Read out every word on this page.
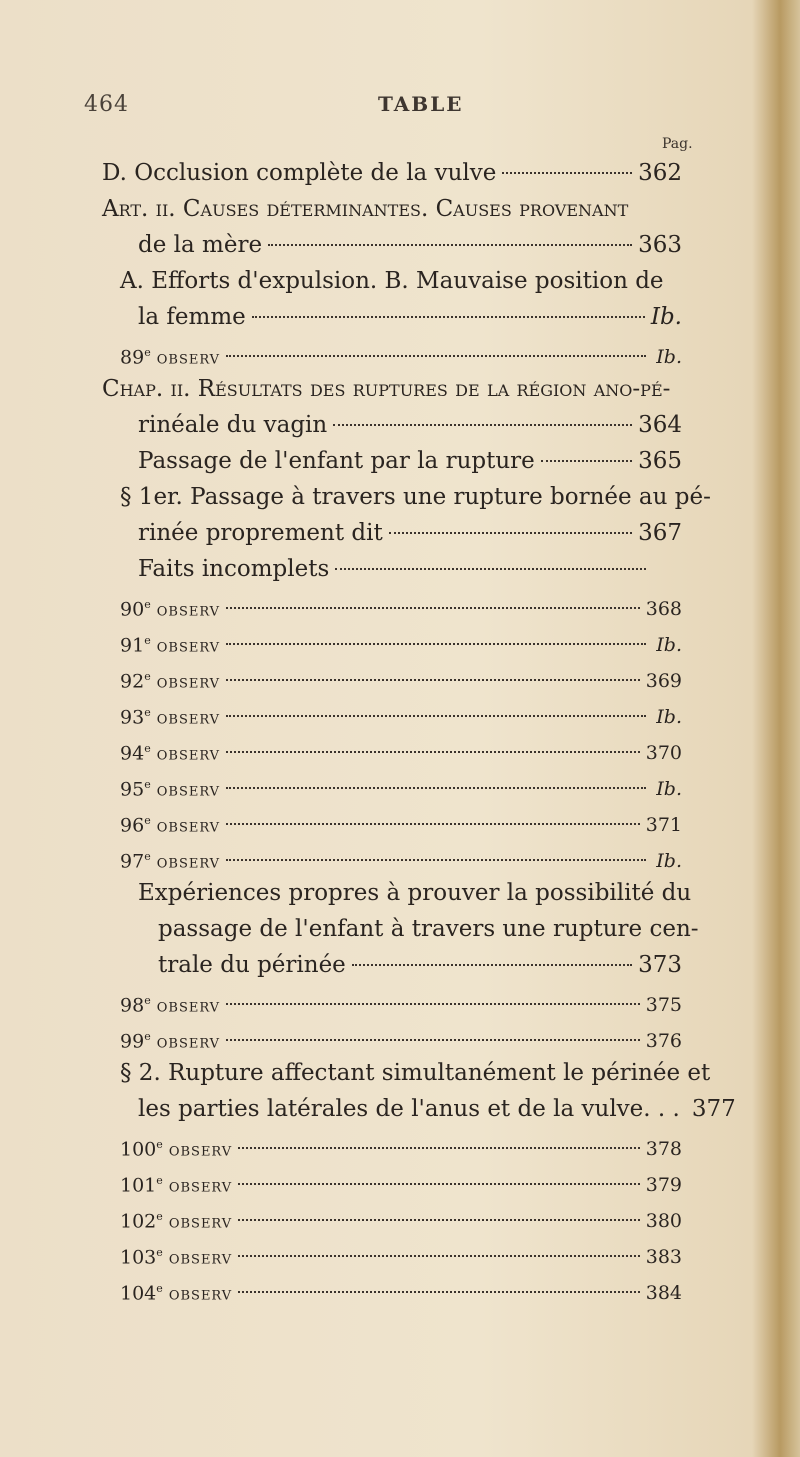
464	TABLE
Pag.
D. Occlusion complète de la vulve	362
Art. ii. Causes déterminantes. Causes provenant
de la mère	363
A. Efforts d'expulsion. B. Mauvaise position de
la femme	Ib.
89e OBSERV	Ib.
Chap. ii. Résultats des ruptures de la région ano-pé-
rinéale du vagin	364
Passage de l'enfant par la rupture	365
§ 1er. Passage à travers une rupture bornée au pé-
rinée proprement dit	367
Faits incomplets
90e OBSERV	368
91e OBSERV	Ib.
92e OBSERV	369
93e OBSERV	Ib.
94e OBSERV	370
95e OBSERV	Ib.
96e OBSERV	371
97e OBSERV	Ib.
Expériences propres à prouver la possibilité du
passage de l'enfant à travers une rupture cen-
trale du périnée	373
98e OBSERV	375
99e OBSERV	376
§ 2. Rupture affectant simultanément le périnée et
les parties latérales de l'anus et de la vulve. . . 377
100e OBSERV	378
101e OBSERV	379
102e OBSERV	380
103e OBSERV	383
104e OBSERV	384
